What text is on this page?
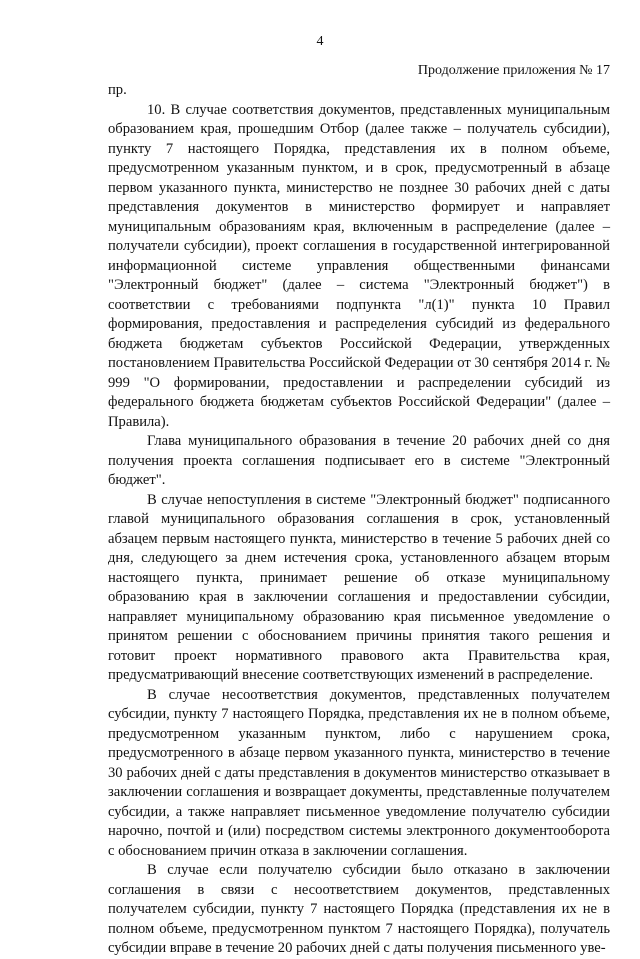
4
Продолжение приложения № 17

пр.

10. В случае соответствия документов, представленных муниципальным образованием края, прошедшим Отбор (далее также – получатель субсидии), пункту 7 настоящего Порядка, представления их в полном объеме, предусмотренном указанным пунктом, и в срок, предусмотренный в абзаце первом указанного пункта, министерство не позднее 30 рабочих дней с даты представления документов в министерство формирует и направляет муниципальным образованиям края, включенным в распределение (далее – получатели субсидии), проект соглашения в государственной интегрированной информационной системе управления общественными финансами "Электронный бюджет" (далее – система "Электронный бюджет") в соответствии с требованиями подпункта "л(1)" пункта 10 Правил формирования, предоставления и распределения субсидий из федерального бюджета бюджетам субъектов Российской Федерации, утвержденных постановлением Правительства Российской Федерации от 30 сентября 2014 г. № 999 "О формировании, предоставлении и распределении субсидий из федерального бюджета бюджетам субъектов Российской Федерации" (далее – Правила).

Глава муниципального образования в течение 20 рабочих дней со дня получения проекта соглашения подписывает его в системе "Электронный бюджет".

В случае непоступления в системе "Электронный бюджет" подписанного главой муниципального образования соглашения в срок, установленный абзацем первым настоящего пункта, министерство в течение 5 рабочих дней со дня, следующего за днем истечения срока, установленного абзацем вторым настоящего пункта, принимает решение об отказе муниципальному образованию края в заключении соглашения и предоставлении субсидии, направляет муниципальному образованию края письменное уведомление о принятом решении с обоснованием причины принятия такого решения и готовит проект нормативного правового акта Правительства края, предусматривающий внесение соответствующих изменений в распределение.

В случае несоответствия документов, представленных получателем субсидии, пункту 7 настоящего Порядка, представления их не в полном объеме, предусмотренном указанным пунктом, либо с нарушением срока, предусмотренного в абзаце первом указанного пункта, министерство в течение 30 рабочих дней с даты представления в документов министерство отказывает в заключении соглашения и возвращает документы, представленные получателем субсидии, а также направляет письменное уведомление получателю субсидии нарочно, почтой и (или) посредством системы электронного документооборота с обоснованием причин отказа в заключении соглашения.

В случае если получателю субсидии было отказано в заключении соглашения в связи с несоответствием документов, представленных получателем субсидии, пункту 7 настоящего Порядка (представления их не в полном объеме, предусмотренном пунктом 7 настоящего Порядка), получатель субсидии вправе в течение 20 рабочих дней с даты получения письменного уве-
